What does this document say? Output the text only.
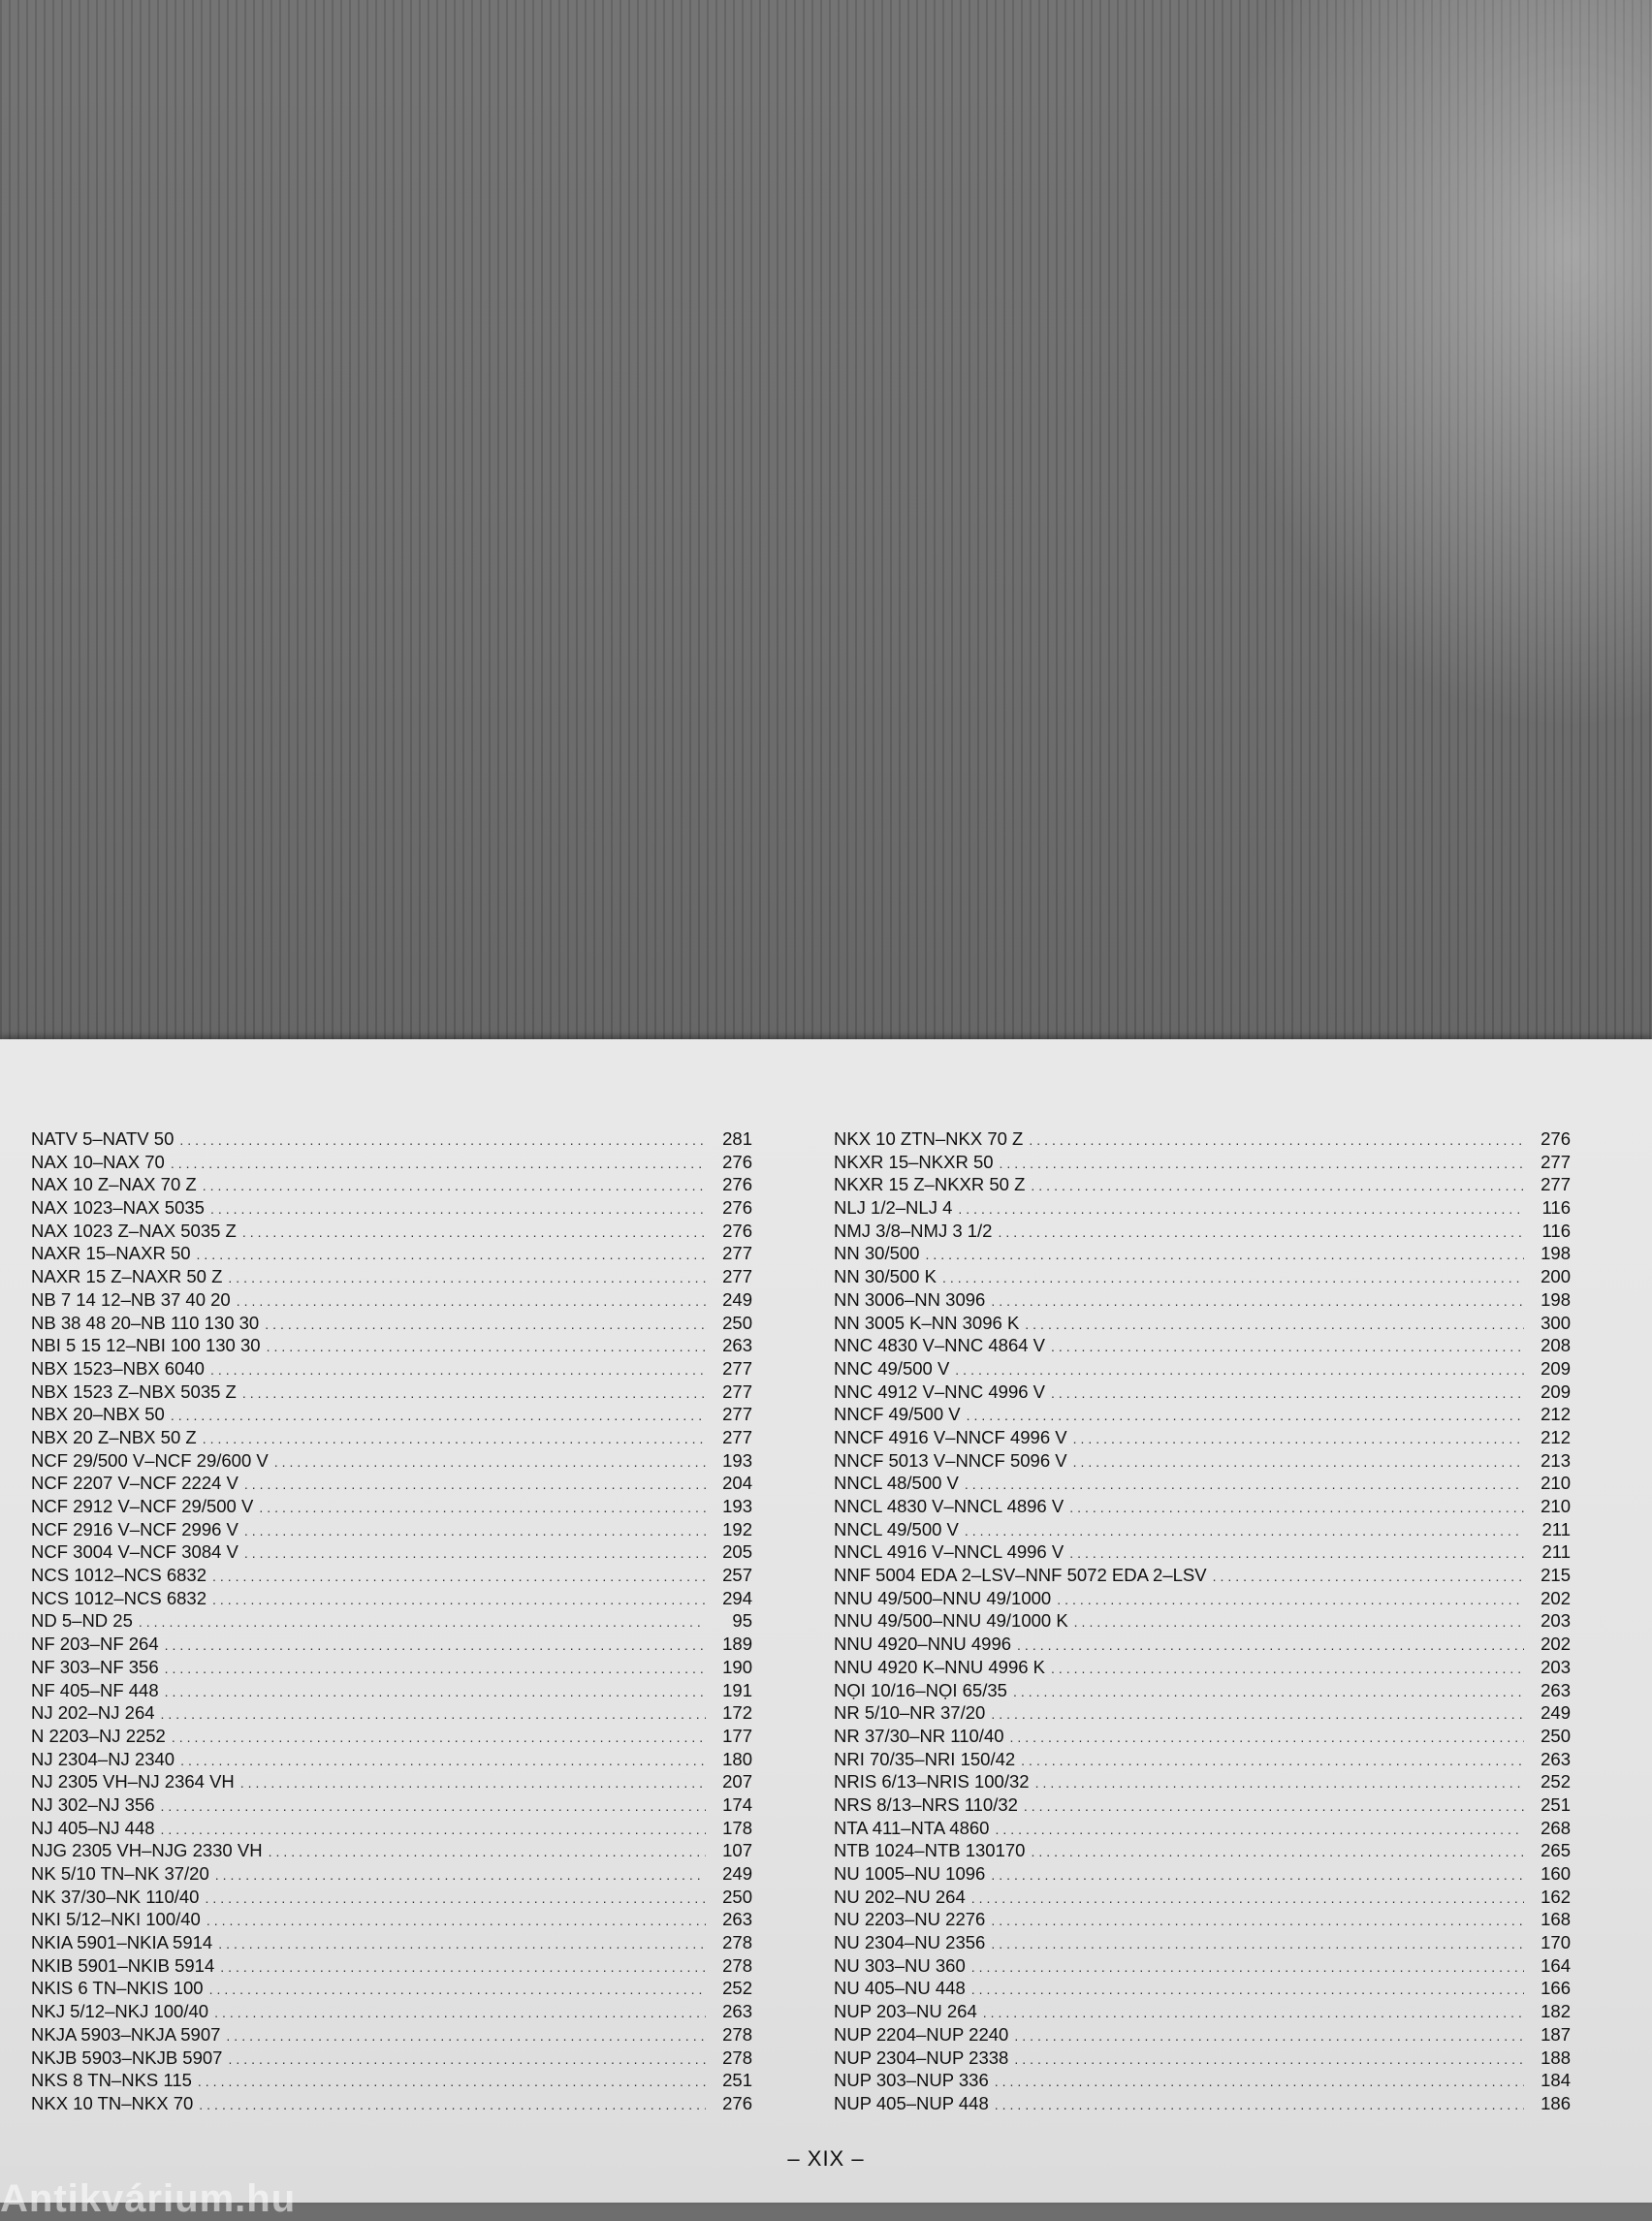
NATV 5–NATV 50 .....	281
NAX 10–NAX 70 .....	276
NAX 10 Z–NAX 70 Z .....	276
NAX 1023–NAX 5035 .....	276
NAX 1023 Z–NAX 5035 Z .....	276
NAXR 15–NAXR 50 .....	277
NAXR 15 Z–NAXR 50 Z .....	277
NB 7 14 12–NB 37 40 20 .....	249
NB 38 48 20–NB 110 130 30 .....	250
NBI 5 15 12–NBI 100 130 30 .....	263
NBX 1523–NBX 6040 .....	277
NBX 1523 Z–NBX 5035 Z .....	277
NBX 20–NBX 50 .....	277
NBX 20 Z–NBX 50 Z .....	277
NCF 29/500 V–NCF 29/600 V .....	193
NCF 2207 V–NCF 2224 V .....	204
NCF 2912 V–NCF 29/500 V .....	193
NCF 2916 V–NCF 2996 V .....	192
NCF 3004 V–NCF 3084 V .....	205
NCS 1012–NCS 6832 .....	257
NCS 1012–NCS 6832 .....	294
ND 5–ND 25 .....	95
NF 203–NF 264 .....	189
NF 303–NF 356 .....	190
NF 405–NF 448 .....	191
NJ 202–NJ 264 .....	172
N 2203–NJ 2252 .....	177
NJ 2304–NJ 2340 .....	180
NJ 2305 VH–NJ 2364 VH .....	207
NJ 302–NJ 356 .....	174
NJ 405–NJ 448 .....	178
NJG 2305 VH–NJG 2330 VH .....	107
NK 5/10 TN–NK 37/20 .....	249
NK 37/30–NK 110/40 .....	250
NKI 5/12–NKI 100/40 .....	263
NKIA 5901–NKIA 5914 .....	278
NKIB 5901–NKIB 5914 .....	278
NKIS 6 TN–NKIS 100 .....	252
NKJ 5/12–NKJ 100/40 .....	263
NKJA 5903–NKJA 5907 .....	278
NKJB 5903–NKJB 5907 .....	278
NKS 8 TN–NKS 115 .....	251
NKX 10 TN–NKX 70 .....	276
NKX 10 ZTN–NKX 70 Z .....	276
NKXR 15–NKXR 50 .....	277
NKXR 15 Z–NKXR 50 Z .....	277
NLJ 1/2–NLJ 4 .....	116
NMJ 3/8–NMJ 3 1/2 .....	116
NN 30/500 .....	198
NN 30/500 K .....	200
NN 3006–NN 3096 .....	198
NN 3005 K–NN 3096 K .....	300
NNC 4830 V–NNC 4864 V .....	208
NNC 49/500 V .....	209
NNC 4912 V–NNC 4996 V .....	209
NNCF 49/500 V .....	212
NNCF 4916 V–NNCF 4996 V .....	212
NNCF 5013 V–NNCF 5096 V .....	213
NNCL 48/500 V .....	210
NNCL 4830 V–NNCL 4896 V .....	210
NNCL 49/500 V .....	211
NNCL 4916 V–NNCL 4996 V .....	211
NNF 5004 EDA 2–LSV–NNF 5072 EDA 2–LSV .....	215
NNU 49/500–NNU 49/1000 .....	202
NNU 49/500–NNU 49/1000 K .....	203
NNU 4920–NNU 4996 .....	202
NNU 4920 K–NNU 4996 K .....	203
NỌI 10/16–NỌI 65/35 .....	263
NR 5/10–NR 37/20 .....	249
NR 37/30–NR 110/40 .....	250
NRI 70/35–NRI 150/42 .....	263
NRIS 6/13–NRIS 100/32 .....	252
NRS 8/13–NRS 110/32 .....	251
NTA 411–NTA 4860 .....	268
NTB 1024–NTB 130170 .....	265
NU 1005–NU 1096 .....	160
NU 202–NU 264 .....	162
NU 2203–NU 2276 .....	168
NU 2304–NU 2356 .....	170
NU 303–NU 360 .....	164
NU 405–NU 448 .....	166
NUP 203–NU 264 .....	182
NUP 2204–NUP 2240 .....	187
NUP 2304–NUP 2338 .....	188
NUP 303–NUP 336 .....	184
NUP 405–NUP 448 .....	186
– XIX –
Antikvárium.hu
